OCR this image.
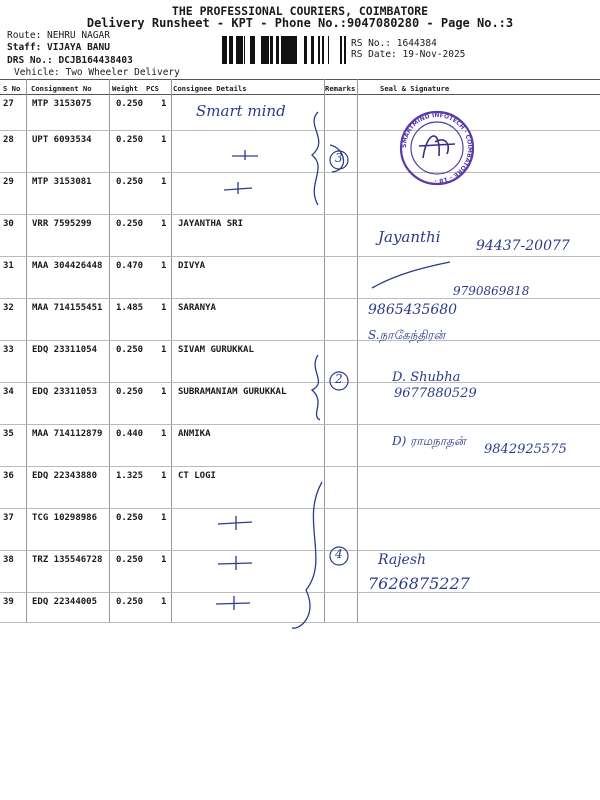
THE PROFESSIONAL COURIERS, COIMBATORE
Delivery Runsheet - KPT - Phone No.:9047080280 - Page No.:3
Route: NEHRU NAGAR
Staff: VIJAYA BANU
DRS No.: DCJB164438403
Vehicle: Two Wheeler Delivery
RS No.: 1644384
RS Date: 19-Nov-2025
S No Consignment No	Weight PCS Consignee Details	Remarks	Seal & Signature
27 MTP 3153075	0.250 1
28 UPT 6093534	0.250 1
29 MTP 3153081	0.250 1
30 VRR 7595299	0.250 1 JAYANTHA SRI
31 MAA 304426448 0.470 1 DIVYA
32 MAA 714155451 1.485 1 SARANYA
33 EDQ 23311054 0.250 1 SIVAM GURUKKAL
34 EDQ 23311053 0.250 1 SUBRAMANIAM GURUKKAL
35 MAA 714112879 0.440 1 ANMIKA
36 EDQ 22343880 1.325 1 CT LOGI
37 TCG 10298986 0.250 1
38 TRZ 135546728 0.250 1
39 EDQ 22344005 0.250 1
SMARTMIND INFOTECH · COIMBATORE - 18 ·
Smart mind
3
2
4
Jayanthi	94437-20077
9790869818
9865435680
S.நாகேந்திரன்
D. Shubha
9677880529
D) ராமநாதன்
9842925575
Rajesh
7626875227
